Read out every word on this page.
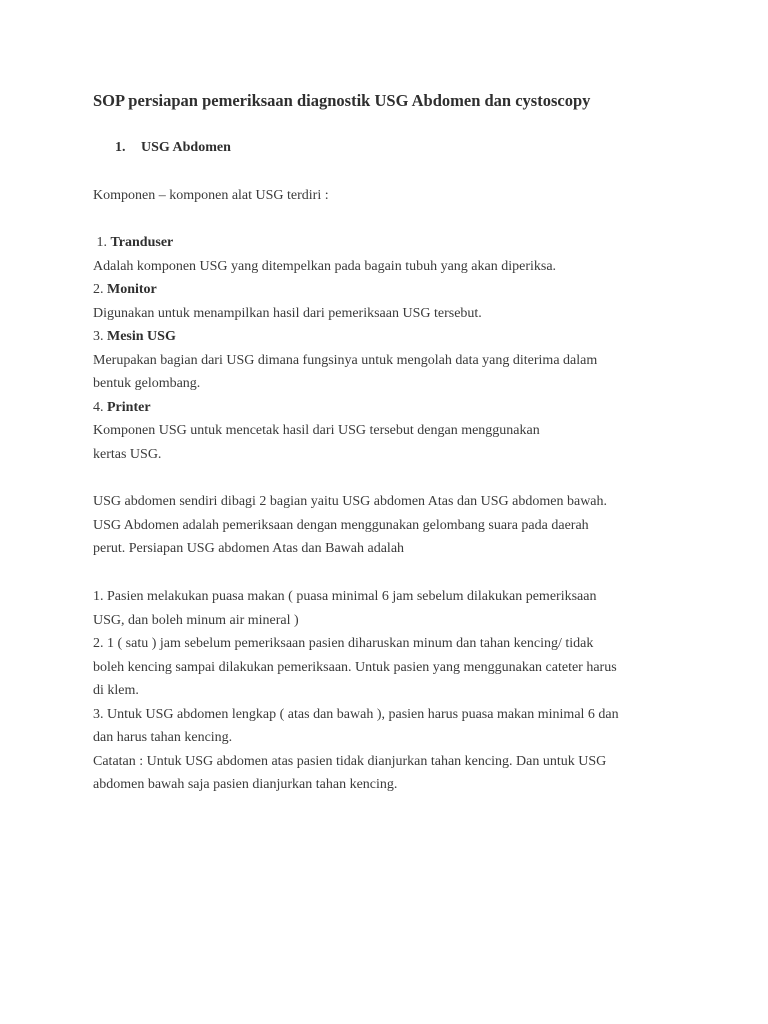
SOP persiapan pemeriksaan diagnostik USG Abdomen dan cystoscopy
1. USG Abdomen
Komponen – komponen alat USG terdiri :
1. Tranduser
Adalah komponen USG yang ditempelkan pada bagain tubuh yang akan diperiksa.
2. Monitor
Digunakan untuk menampilkan hasil dari pemeriksaan USG tersebut.
3. Mesin USG
Merupakan bagian dari USG dimana fungsinya untuk mengolah data yang diterima dalam
bentuk gelombang.
4. Printer
Komponen USG untuk mencetak hasil dari USG tersebut dengan menggunakan
kertas USG.
USG abdomen sendiri dibagi 2 bagian yaitu USG abdomen Atas dan USG abdomen bawah.
USG Abdomen adalah pemeriksaan dengan menggunakan gelombang suara pada daerah
perut. Persiapan USG abdomen Atas dan Bawah adalah
1. Pasien melakukan puasa makan ( puasa minimal 6 jam sebelum dilakukan pemeriksaan
USG, dan boleh minum air mineral )
2. 1 ( satu ) jam sebelum pemeriksaan pasien diharuskan minum dan tahan kencing/ tidak
boleh kencing sampai dilakukan pemeriksaan. Untuk pasien yang menggunakan cateter harus
di klem.
3. Untuk USG abdomen lengkap ( atas dan bawah ), pasien harus puasa makan minimal 6 dan
dan harus tahan kencing.
Catatan : Untuk USG abdomen atas pasien tidak dianjurkan tahan kencing. Dan untuk USG
abdomen bawah saja pasien dianjurkan tahan kencing.
